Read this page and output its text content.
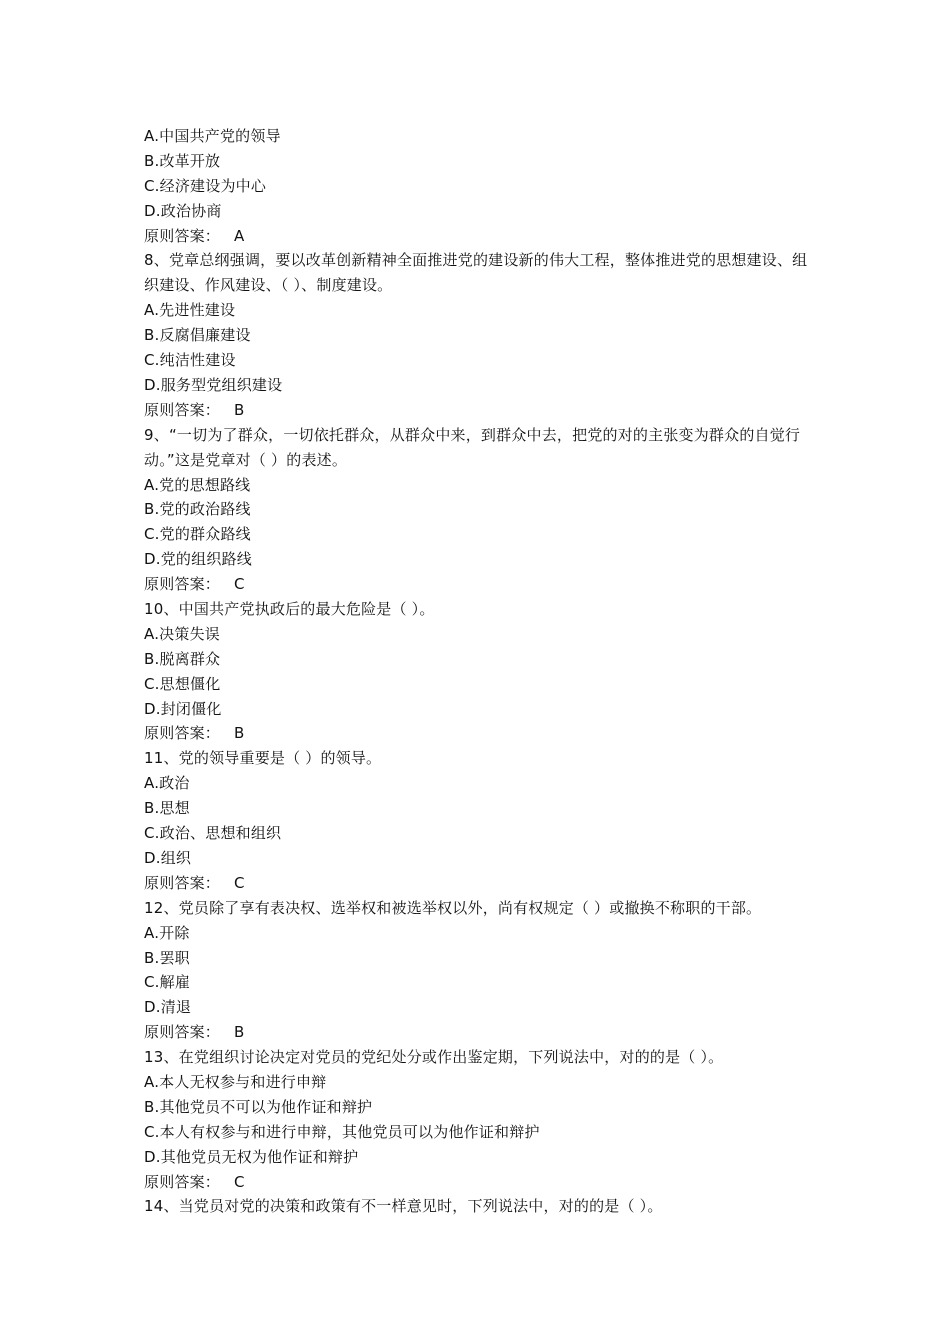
A.中国共产党的领导
B.改革开放
C.经济建设为中心
D.政治协商
原则答案： A
8、党章总纲强调，要以改革创新精神全面推进党的建设新的伟大工程，整体推进党的思想建设、组织建设、作风建设、（ ）、制度建设。
A.先进性建设
B.反腐倡廉建设
C.纯洁性建设
D.服务型党组织建设
原则答案： B
9、“一切为了群众，一切依托群众，从群众中来，到群众中去，把党的对的主张变为群众的自觉行动。”这是党章对（ ）的表述。
A.党的思想路线
B.党的政治路线
C.党的群众路线
D.党的组织路线
原则答案： C
10、中国共产党执政后的最大危险是（ ）。
A.决策失误
B.脱离群众
C.思想僵化
D.封闭僵化
原则答案： B
11、党的领导重要是（ ）的领导。
A.政治
B.思想
C.政治、思想和组织
D.组织
原则答案： C
12、党员除了享有表决权、选举权和被选举权以外，尚有权规定（ ）或撤换不称职的干部。
A.开除
B.罢职
C.解雇
D.清退
原则答案： B
13、在党组织讨论决定对党员的党纪处分或作出鉴定期，下列说法中，对的的是（ ）。
A.本人无权参与和进行申辩
B.其他党员不可以为他作证和辩护
C.本人有权参与和进行申辩，其他党员可以为他作证和辩护
D.其他党员无权为他作证和辩护
原则答案： C
14、当党员对党的决策和政策有不一样意见时，下列说法中，对的的是（ ）。
